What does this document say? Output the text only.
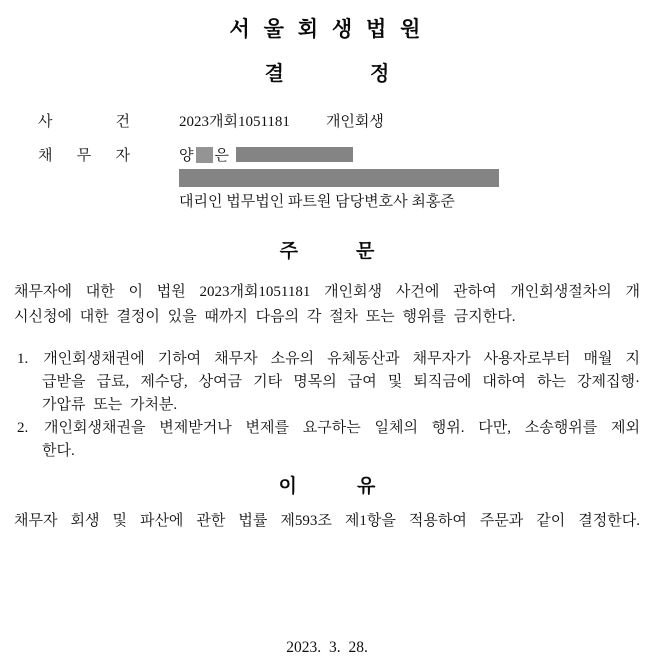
서 울 회 생 법 원
결	정
사 건	2023개회1051181 개인회생
채 무 자	양 은
대리인 법무법인 파트원 담당변호사 최홍준
주	문
채무자에 대한 이 법원 2023개회1051181 개인회생 사건에 관하여 개인회생절차의 개
시신청에 대한 결정이 있을 때까지 다음의 각 절차 또는 행위를 금지한다.
1. 개인회생채권에 기하여 채무자 소유의 유체동산과 채무자가 사용자로부터 매월 지
급받을 급료, 제수당, 상여금 기타 명목의 급여 및 퇴직금에 대하여 하는 강제집행·
가압류 또는 가처분.
2. 개인회생채권을 변제받거나 변제를 요구하는 일체의 행위. 다만, 소송행위를 제외
한다.
이	유
채무자 회생 및 파산에 관한 법률 제593조 제1항을 적용하여 주문과 같이 결정한다.
2023. 3. 28.
